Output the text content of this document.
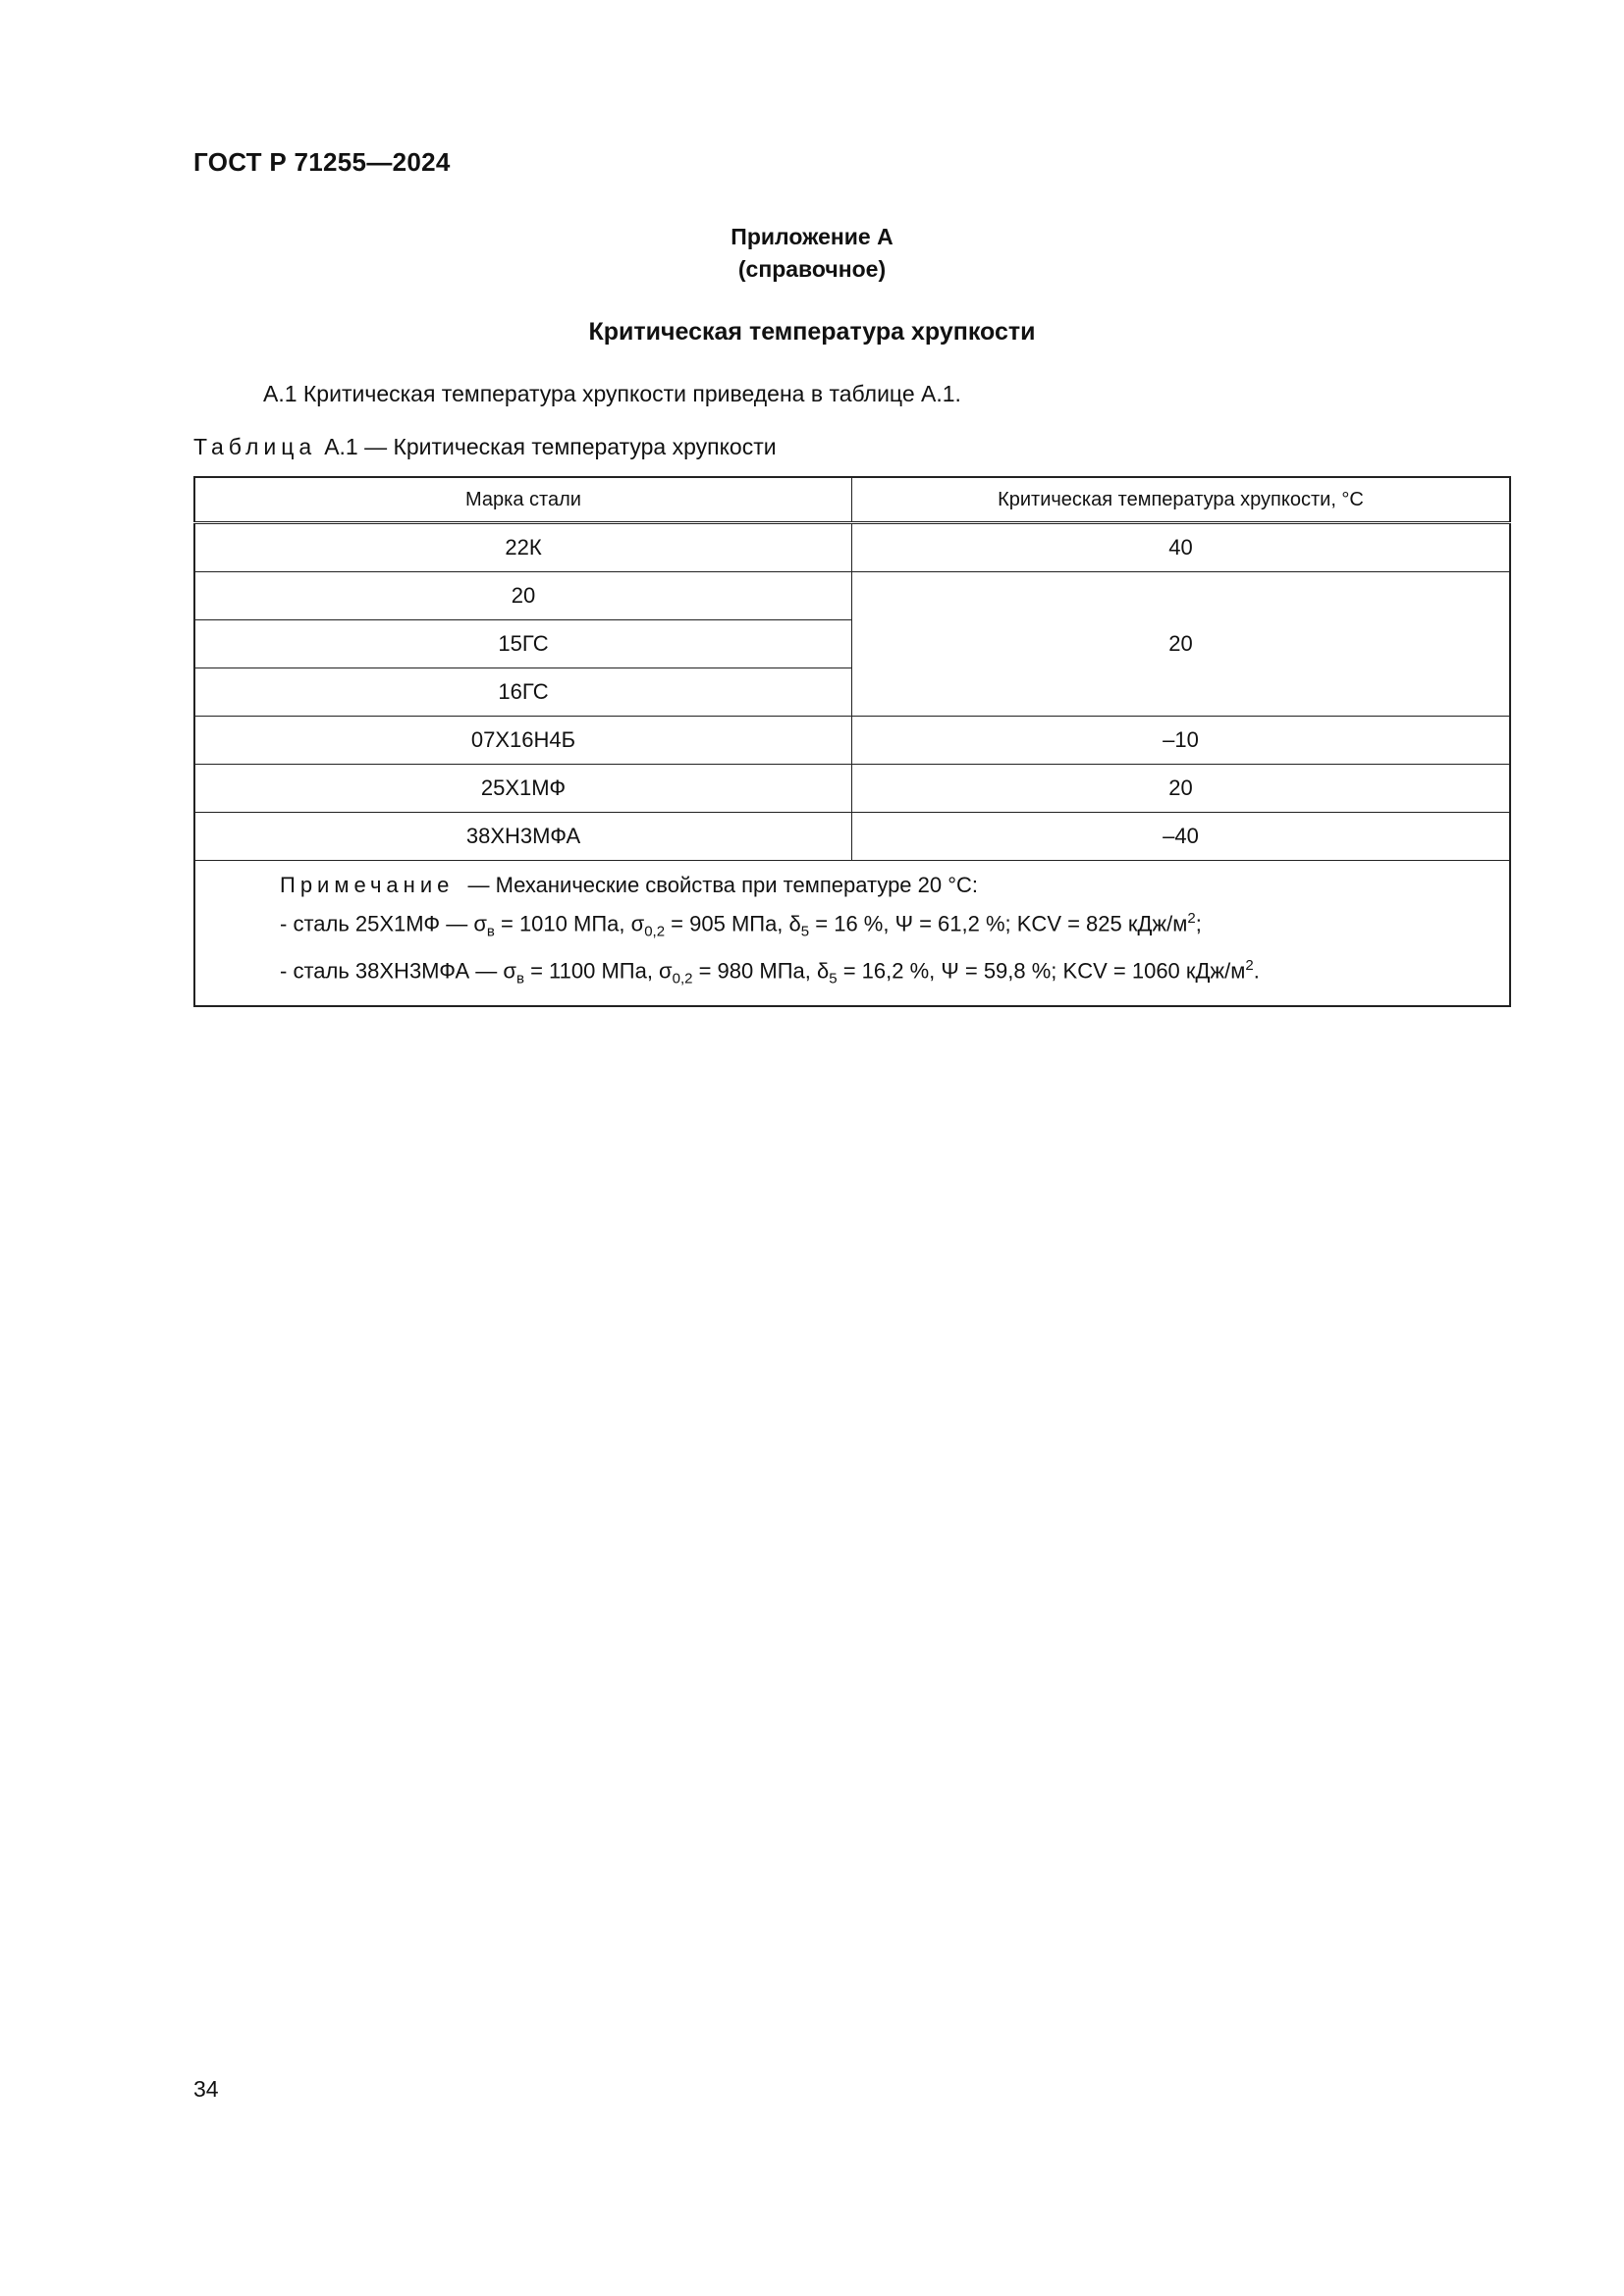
ГОСТ Р 71255—2024
Приложение А
(справочное)
Критическая температура хрупкости
А.1 Критическая температура хрупкости приведена в таблице А.1.
Таблица А.1 — Критическая температура хрупкости
Марка стали	Критическая температура хрупкости, °С
22К	40
20	20
15ГС	
16ГС	
07Х16Н4Б	–10
25Х1МФ	20
38ХН3МФА	–40

Примечание — Механические свойства при температуре 20 °С:
- сталь 25Х1МФ — $\sigma_в = 1010$ МПа, $\sigma_{0,2} = 905$ МПа, $\delta_5 = 16$ %, Ψ = 61,2 %; KCV = 825 кДж/$м^2$;
- сталь 38ХН3МФА — $\sigma_в = 1100$ МПа, $\sigma_{0,2} = 980$ МПа, $\delta_5 = 16,2$ %, Ψ = 59,8 %; KCV = 1060 кДж/$м^2$.	
34
